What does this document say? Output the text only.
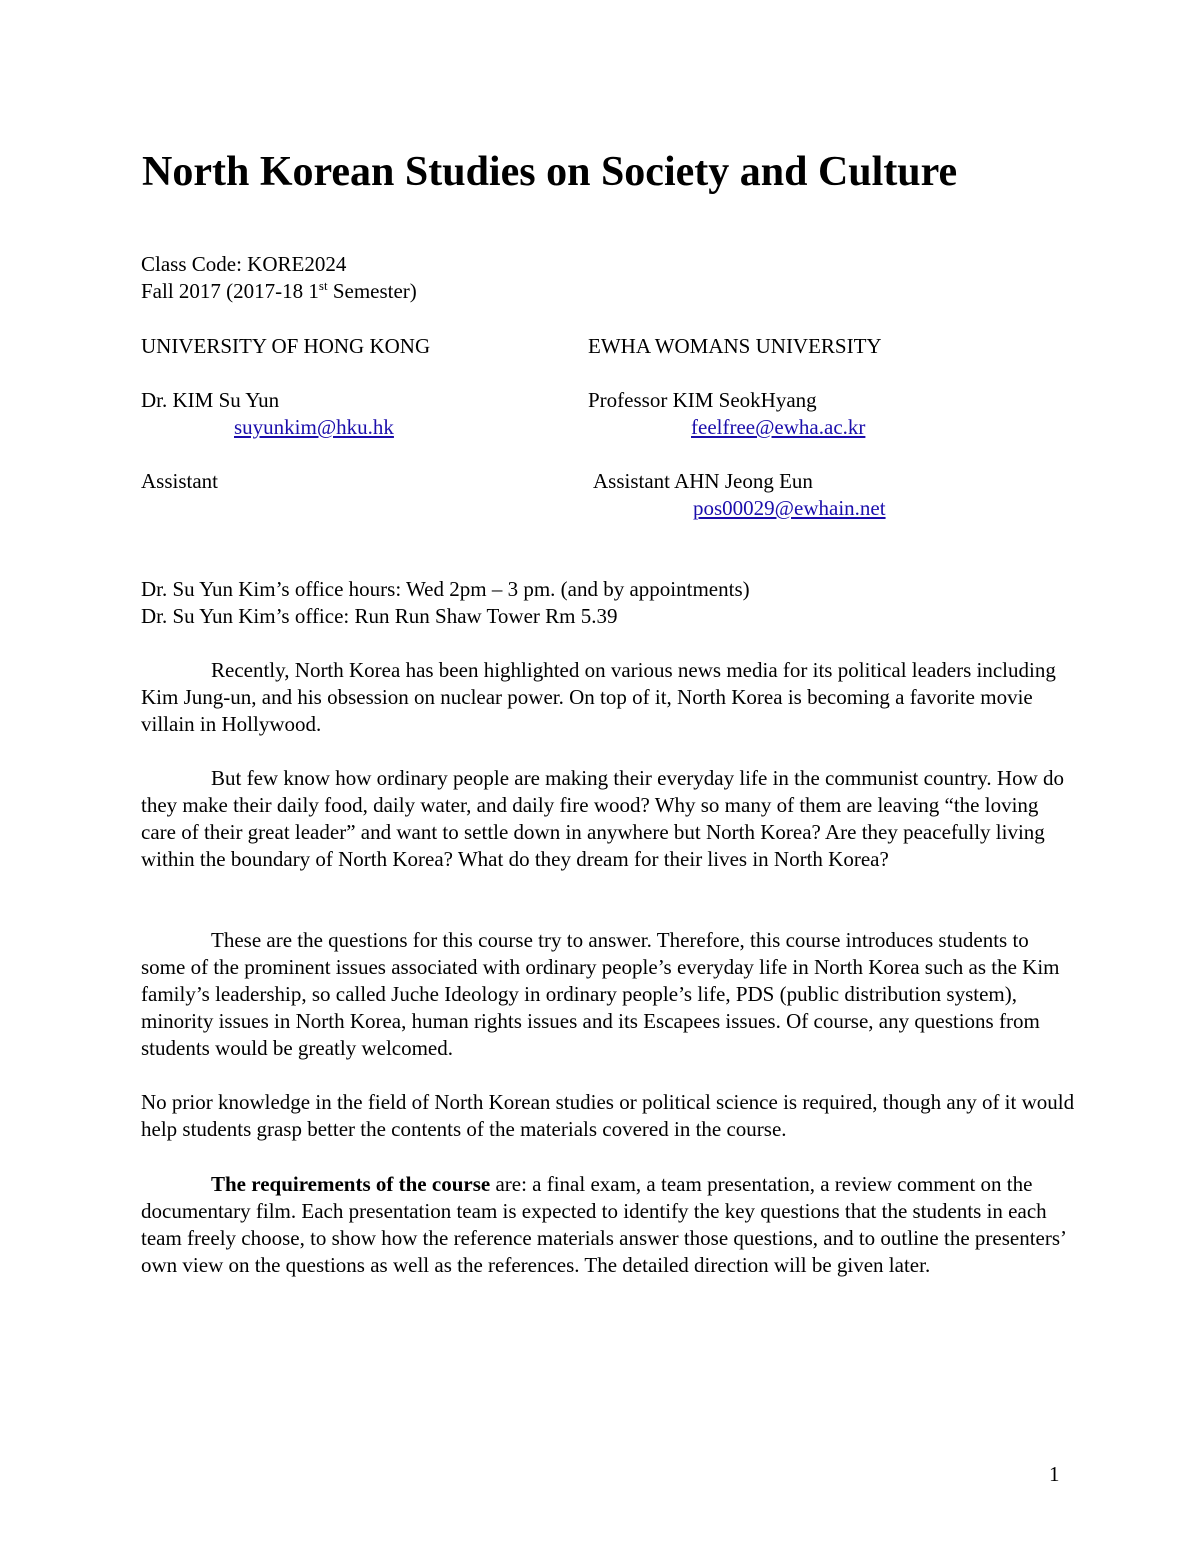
North Korean Studies on Society and Culture
Class Code: KORE2024
Fall 2017 (2017-18 1st Semester)
UNIVERSITY OF HONG KONG	EWHA WOMANS UNIVERSITY
Dr. KIM Su Yun	Professor KIM SeokHyang
suyunkim@hku.hk	feelfree@ewha.ac.kr
Assistant	Assistant AHN Jeong Eun
pos00029@ewhain.net
Dr. Su Yun Kim’s office hours: Wed 2pm – 3 pm. (and by appointments)
Dr. Su Yun Kim’s office: Run Run Shaw Tower Rm 5.39

Recently, North Korea has been highlighted on various news media for its political leaders including Kim Jung-un, and his obsession on nuclear power. On top of it, North Korea is becoming a favorite movie villain in Hollywood.

But few know how ordinary people are making their everyday life in the communist country. How do they make their daily food, daily water, and daily fire wood? Why so many of them are leaving “the loving care of their great leader” and want to settle down in anywhere but North Korea? Are they peacefully living within the boundary of North Korea? What do they dream for their lives in North Korea?

These are the questions for this course try to answer. Therefore, this course introduces students to some of the prominent issues associated with ordinary people’s everyday life in North Korea such as the Kim family’s leadership, so called Juche Ideology in ordinary people’s life, PDS (public distribution system), minority issues in North Korea, human rights issues and its Escapees issues. Of course, any questions from students would be greatly welcomed.

No prior knowledge in the field of North Korean studies or political science is required, though any of it would help students grasp better the contents of the materials covered in the course.

The requirements of the course are: a final exam, a team presentation, a review comment on the documentary film. Each presentation team is expected to identify the key questions that the students in each team freely choose, to show how the reference materials answer those questions, and to outline the presenters’ own view on the questions as well as the references. The detailed direction will be given later.

1
